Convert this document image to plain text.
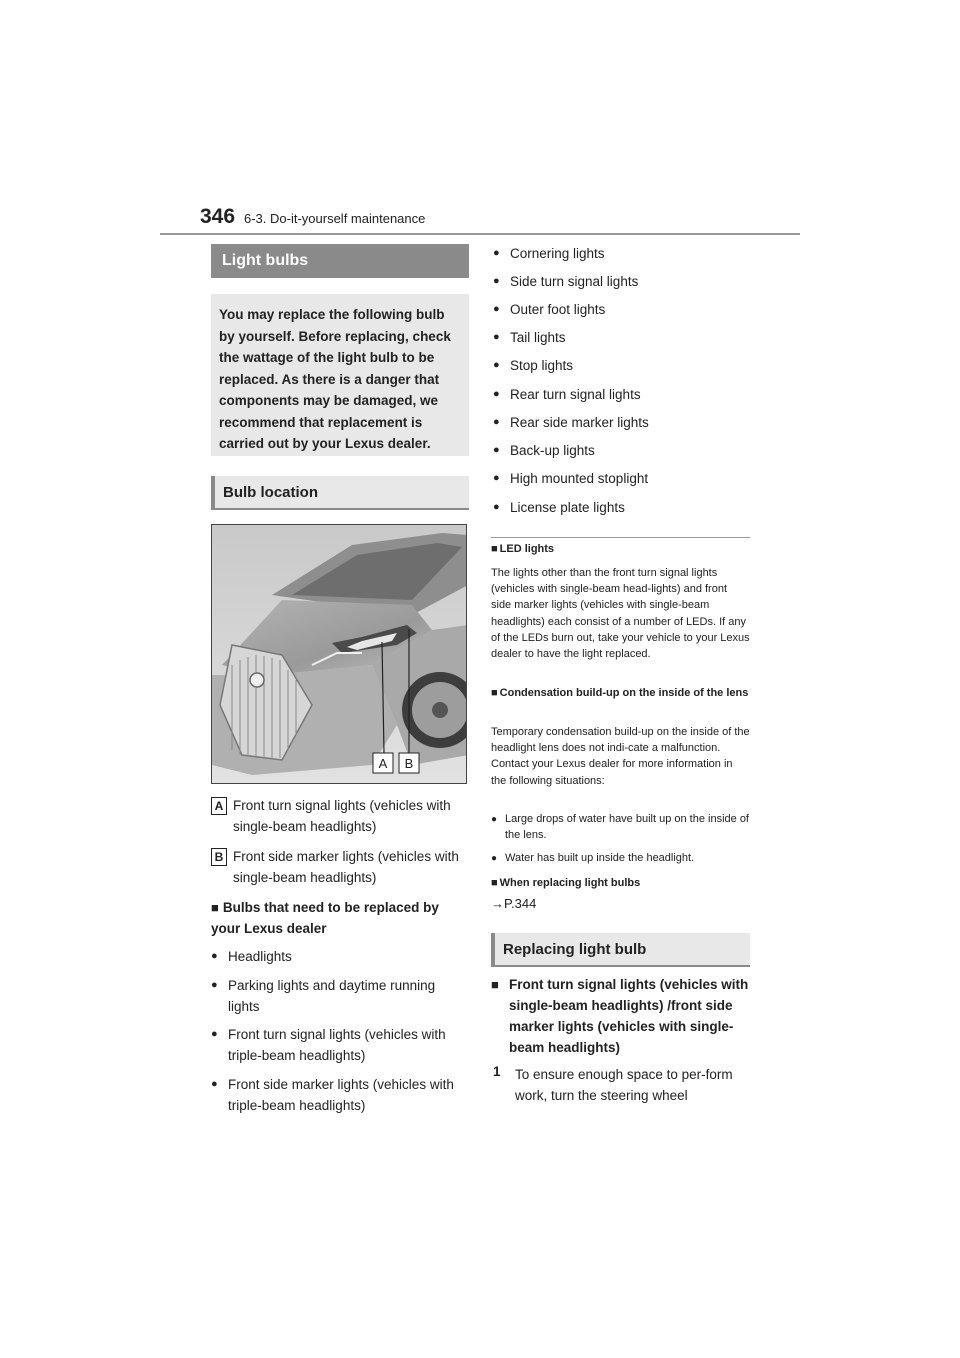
346 6-3. Do-it-yourself maintenance
Light bulbs
You may replace the following bulb by yourself. Before replacing, check the wattage of the light bulb to be replaced. As there is a danger that components may be damaged, we recommend that replacement is carried out by your Lexus dealer.
Bulb location
A B
A Front turn signal lights (vehicles with single-beam headlights)
B Front side marker lights (vehicles with single-beam headlights)
■ Bulbs that need to be replaced by your Lexus dealer
● Headlights
● Parking lights and daytime running lights
● Front turn signal lights (vehicles with triple-beam headlights)
● Front side marker lights (vehicles with triple-beam headlights)
● Cornering lights
● Side turn signal lights
● Outer foot lights
● Tail lights
● Stop lights
● Rear turn signal lights
● Rear side marker lights
● Back-up lights
● High mounted stoplight
● License plate lights
■ LED lights
The lights other than the front turn signal lights (vehicles with single-beam head-lights) and front side marker lights (vehicles with single-beam headlights) each consist of a number of LEDs. If any of the LEDs burn out, take your vehicle to your Lexus dealer to have the light replaced.
■ Condensation build-up on the inside of the lens
Temporary condensation build-up on the inside of the headlight lens does not indi-cate a malfunction. Contact your Lexus dealer for more information in the following situations:
● Large drops of water have built up on the inside of the lens.
● Water has built up inside the headlight.
■ When replacing light bulbs
→P.344
Replacing light bulb
■ Front turn signal lights (vehicles with single-beam headlights) /front side marker lights (vehicles with single-beam headlights)
1	To ensure enough space to per-form work, turn the steering wheel
